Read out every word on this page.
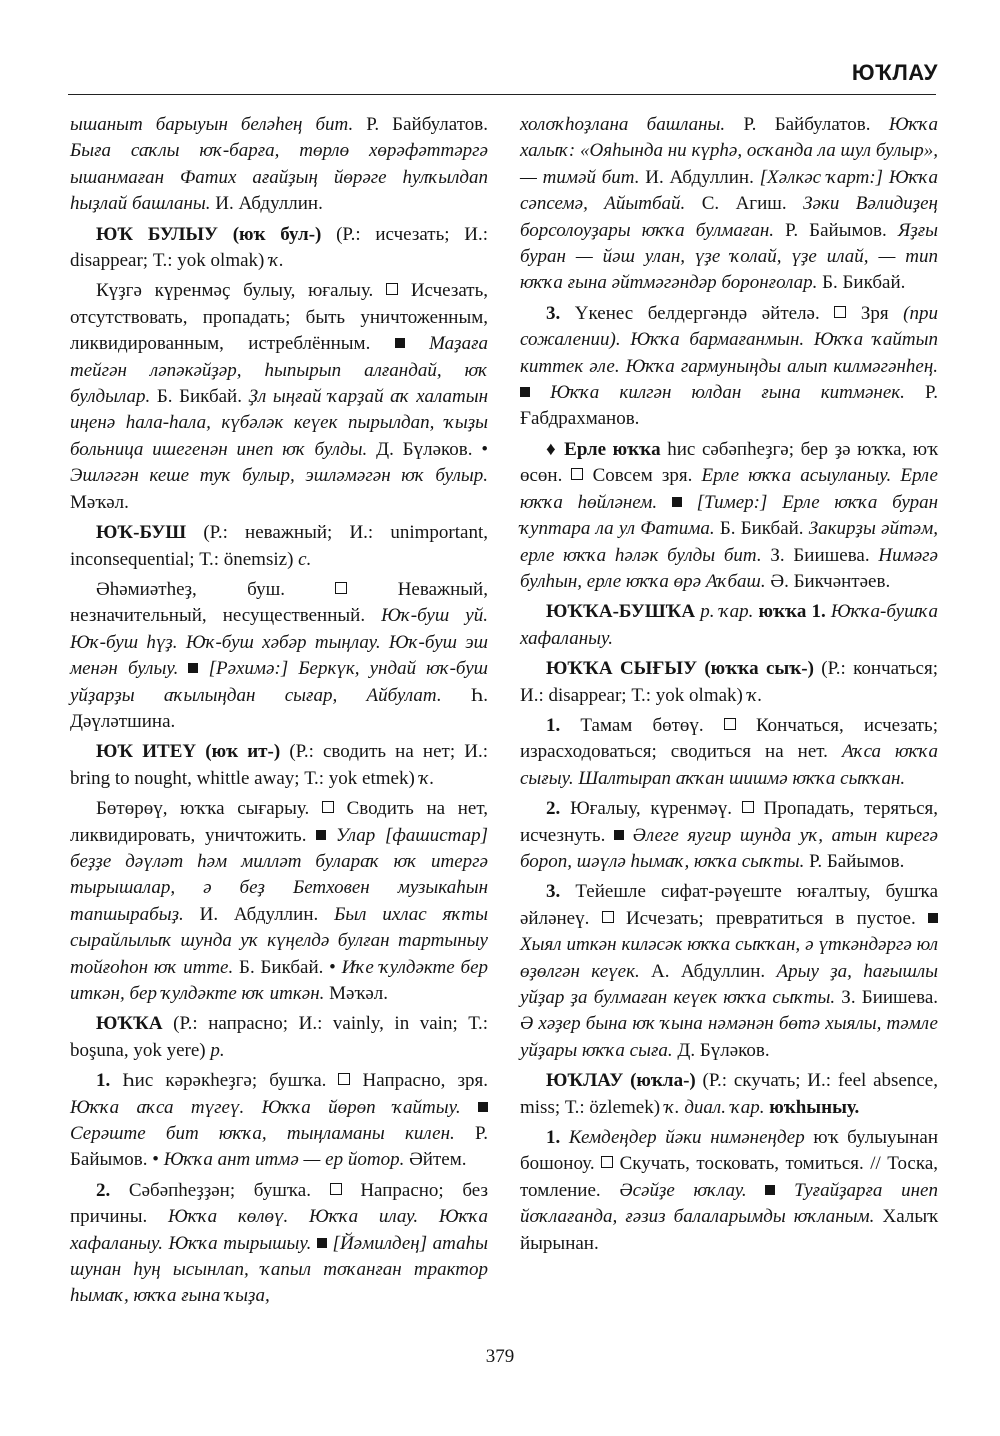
ЮҠЛАУ

ышаныт барыуын беләһең бит. Р. Байбулатов. Быға саҡлы юҡ-барға, төрлө хөрәфәттәргә ышанмаған Фатих ағайҙың йөрәге һулҡылдап һыҙлай башланы. И. Абдуллин.

ЮҠ БУЛЫУ (юҡ бул-) (Р.: исчезать; И.: disappear; Т.: yok olmak) ҡ.

Күҙгә күренмәҫ булыу, юғалыу.  Исчезать, отсутствовать, пропадать; быть уничтоженным, ликвидированным, истреблённым.  Маҙаға тейгән ләпәкәйҙәр, һыпырып алғандай, юҡ булдылар. Б. Бикбай. Ҙл ыңғай ҡарҙай аҡ халатын иңенә һала-һала, күбәләк кеүек пырылдап, ҡыҙы больница ишегенән инеп юҡ булды. Д. Бүләков. • Эшләгән кеше туҡ булыр, эшләмәгән юҡ булыр. Мәҡәл.

ЮҠ-БУШ (Р.: неважный; И.: unimportant, inconsequential; Т.: önemsiz) с.

Әһәмиәтһеҙ, буш.  Неважный, незначительный, несущественный. Юҡ-буш уй. Юҡ-буш һүҙ. Юҡ-буш хәбәр тыңлау. Юҡ-буш эш менән булыу.  [Рәхимә:] Беркүк, ундай юҡ-буш уйҙарҙы аҡылыңдан сығар, Айбулат. Һ. Дәүләтшина.

ЮҠ ИТЕҮ (юҡ ит-) (Р.: сводить на нет; И.: bring to nought, whittle away; Т.: yok etmek) ҡ.

Бөтөрөү, юҡҡа сығарыу.  Сводить на нет, ликвидировать, уничтожить.  Улар [фашистар] беҙҙе дәүләт һәм милләт булараҡ юҡ итергә тырышалар, ә беҙ Бетховен музыкаһын тапшырабыҙ. И. Абдуллин. Был ихлас яҡты сырайлылыҡ шунда уҡ күңелдә булған тартыныу тойғоһон юҡ итте. Б. Бикбай. • Иҡе ҡулдәкте бер иткән, бер ҡулдәкте юҡ иткән. Мәҡәл.

ЮҠҠА (Р.: напрасно; И.: vainly, in vain; Т.: boşuna, yok yere) р.

1. Һис кәрәкһеҙгә; бушҡа.  Напрасно, зря. Юҡҡа аҡса түгеү. Юҡҡа йөрөп ҡайтыу.  Серәште бит юҡҡа, тыңламаны килен. Р. Байымов. • Юҡҡа ант итмә — ер йотор. Әйтем.

2. Сәбәпһеҙҙән; бушҡа.  Напрасно; без причины. Юҡҡа көлөү. Юҡҡа илау. Юҡҡа хафаланыу. Юҡҡа тырышыу.  [Йәмилдең] атаһы шунан һуң ысынлап, ҡапыл тоҡанған трактор һымаҡ, юҡҡа ғына ҡыҙа,

холоҡһоҙлана башланы. Р. Байбулатов. Юҡҡа халыҡ: «Ояһында ни күрһә, осҡанда ла шул булыр», — тимәй бит. И. Абдуллин. [Хәлкәс ҡарт:] Юҡҡа сәпсемә, Айытбай. С. Агиш. Зәки Вәлидиҙең борсолоуҙары юҡҡа булмаған. Р. Байымов. Яҙғы буран — йәш улан, үҙе ҡолай, үҙе илай, — тип юҡҡа ғына әйтмәгәндәр боронғолар. Б. Бикбай.

3. Үкенес белдергәндә әйтелә.  Зря (при сожалении). Юҡҡа бармағанмын. Юҡҡа ҡайтып киттек әле. Юҡҡа гармуныңды алып килмәгәнһең.  Юҡҡа килгән юлдан ғына китмәнек. Р. Ғабдрахманов.

♦ Ерле юҡҡа һис сәбәпһеҙгә; бер ҙә юҡҡа, юҡ өсөн.  Совсем зря. Ерле юҡҡа асыуланыу. Ерле юҡҡа һөйләнем.  [Тимер:] Ерле юҡҡа буран ҡуптара ла ул Фатима. Б. Бикбай. Закирҙы әйтәм, ерле юҡҡа һәләк булды бит. З. Биишева. Нимәгә булһын, ерле юҡҡа өрә Аҡбаш. Ә. Бикчәнтәев.

ЮҠҠА-БУШҠА р. ҡар. юҡҡа 1. Юҡҡа-бушҡа хафаланыу.

ЮҠҠА СЫҒЫУ (юҡҡа сыҡ-) (Р.: кончаться; И.: disappear; Т.: yok olmak) ҡ.

1. Тамам бөтөү.  Кончаться, исчезать; израсходоваться; сводиться на нет. Аҡса юҡҡа сығыу. Шалтырап аҡҡан шишмә юҡҡа сыҡҡан.

2. Юғалыу, күренмәү.  Пропадать, теряться, исчезнуть.  Әлеге яугир шунда уҡ, атын кирегә бороп, шәүлә һымаҡ, юҡҡа сыҡты. Р. Байымов.

3. Тейешле сифат-рәүеште юғалтыу, бушҡа әйләнеү.  Исчезать; превратиться в пустое.  Хыял иткән киләсәк юҡҡа сыҡҡан, ә үткәндәргә юл өҙөлгән кеүек. А. Абдуллин. Арыу ҙа, һағышлы уйҙар ҙа булмаған кеүек юҡҡа сыҡты. З. Биишева. Ә хәҙер бына юҡ ҡына нәмәнән бөтә хыялы, тәмле уйҙары юҡҡа сыға. Д. Бүләков.

ЮҠЛАУ (юҡла-) (Р.: скучать; И.: feel absence, miss; Т.: özlemek) ҡ. диал. ҡар. юҡһыныу.

1. Кемдеңдер йәки нимәнеңдер юҡ булыуынан бошоноу.  Скучать, тосковать, томиться. // Тоска, томление. Әсәйҙе юҡлау.  Туғайҙарға инеп йоҡлағанда, ғәзиз балаларымды юҡланым. Халыҡ йырынан.

379
